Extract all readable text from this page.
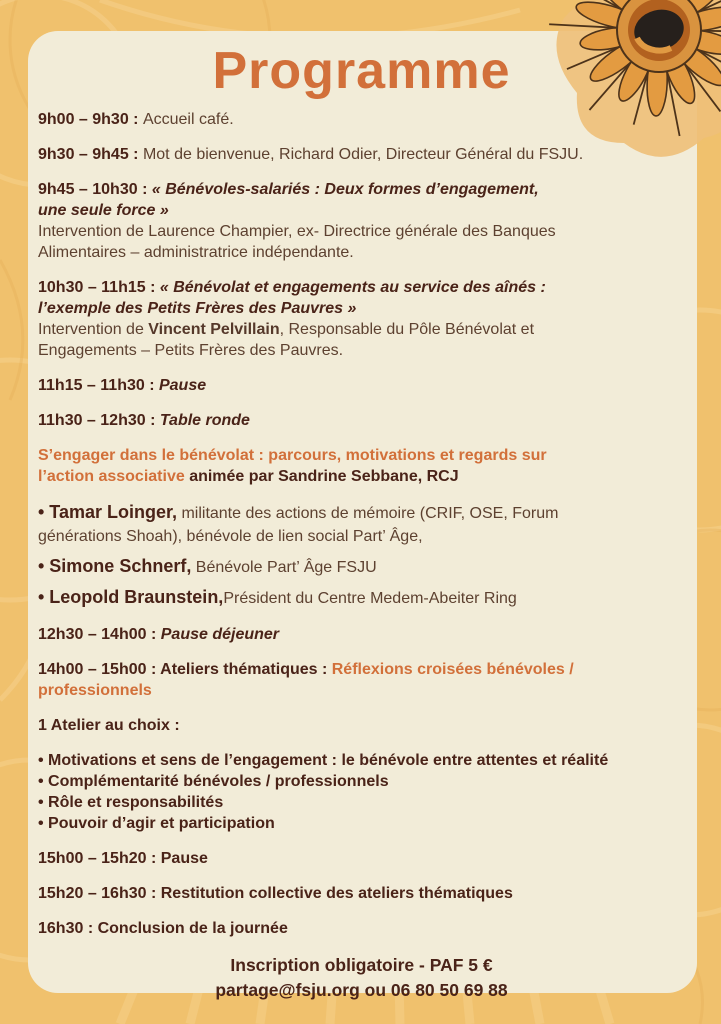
Programme
9h00 – 9h30 : Accueil café.
9h30 – 9h45 : Mot de bienvenue, Richard Odier, Directeur Général du FSJU.
9h45 – 10h30 : « Bénévoles-salariés : Deux formes d’engagement,
une seule force »
Intervention de Laurence Champier, ex- Directrice générale des Banques
Alimentaires – administratrice indépendante.
10h30 – 11h15 : « Bénévolat et engagements au service des aînés :
l’exemple des Petits Frères des Pauvres »
Intervention de Vincent Pelvillain, Responsable du Pôle Bénévolat et
Engagements – Petits Frères des Pauvres.
11h15 – 11h30 : Pause
11h30 – 12h30 : Table ronde
S’engager dans le bénévolat : parcours, motivations et regards sur
l’action associative animée par Sandrine Sebbane, RCJ
• Tamar Loinger, militante des actions de mémoire (CRIF, OSE, Forum
générations Shoah), bénévole de lien social Part’ Âge,
• Simone Schnerf, Bénévole Part’ Âge FSJU
• Leopold Braunstein,Président du Centre Medem-Abeiter Ring
12h30 – 14h00 : Pause déjeuner
14h00 – 15h00 : Ateliers thématiques : Réflexions croisées bénévoles /
professionnels
1 Atelier au choix :
• Motivations et sens de l’engagement : le bénévole entre attentes et réalité
• Complémentarité bénévoles / professionnels
• Rôle et responsabilités
• Pouvoir d’agir et participation
15h00 – 15h20 : Pause
15h20 – 16h30 : Restitution collective des ateliers thématiques
16h30 : Conclusion de la journée
Inscription obligatoire - PAF 5 €
partage@fsju.org ou 06 80 50 69 88
